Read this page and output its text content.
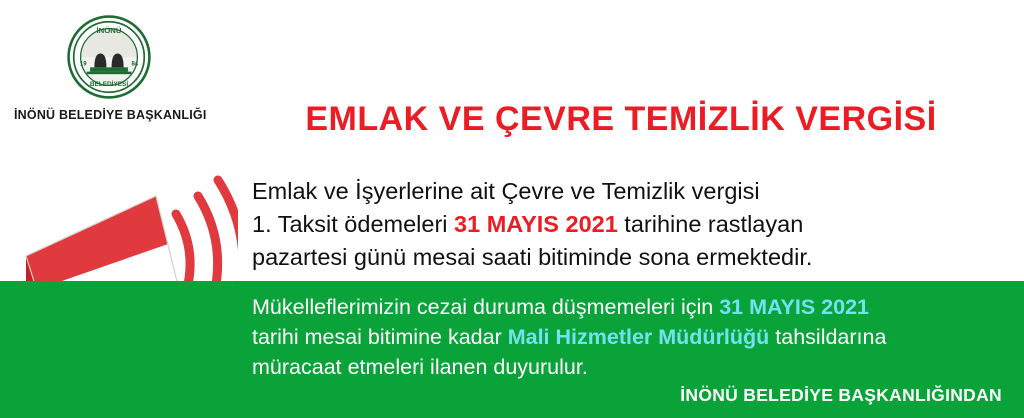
İNÖNÜ
BELEDİYESİ
19	84
İNÖNÜ BELEDİYE BAŞKANLIĞI	EMLAK VE ÇEVRE TEMİZLİK VERGİSİ
Emlak ve İşyerlerine ait Çevre ve Temizlik vergisi
1. Taksit ödemeleri 31 MAYIS 2021 tarihine rastlayan
pazartesi günü mesai saati bitiminde sona ermektedir.
Mükelleflerimizin cezai duruma düşmemeleri için 31 MAYIS 2021
tarihi mesai bitimine kadar Mali Hizmetler Müdürlüğü tahsildarına
müracaat etmeleri ilanen duyurulur.
İNÖNÜ BELEDİYE BAŞKANLIĞINDAN
